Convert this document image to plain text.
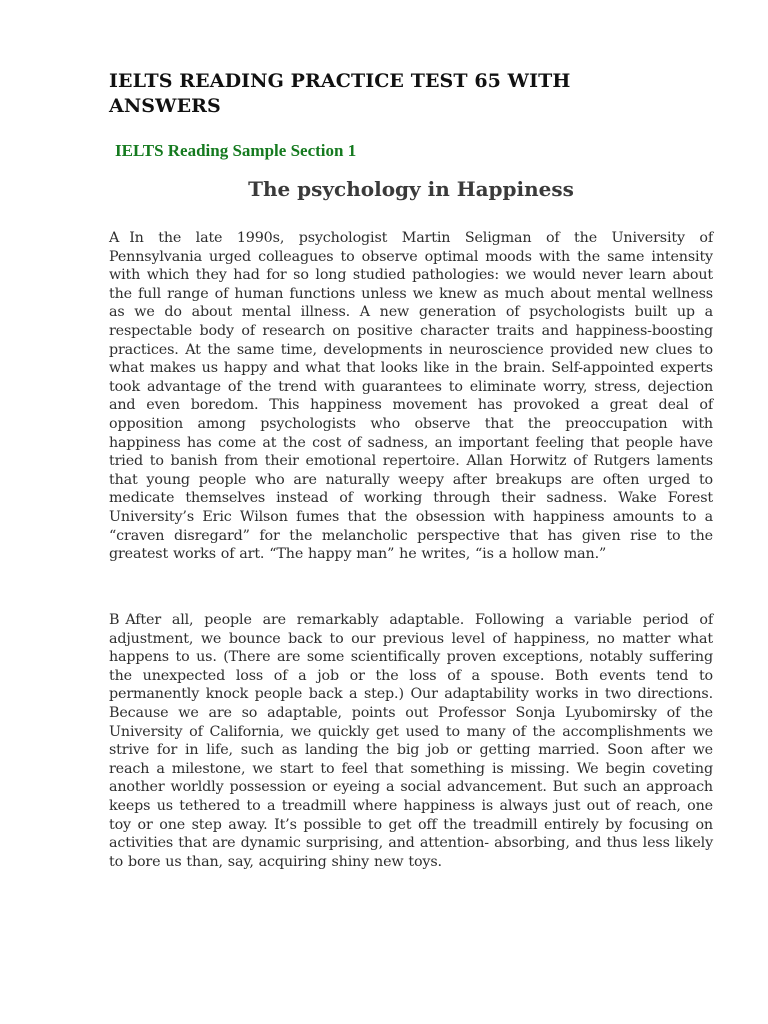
IELTS READING PRACTICE TEST 65 WITH ANSWERS

IELTS Reading Sample Section 1

The psychology in Happiness

A In the late 1990s, psychologist Martin Seligman of the University of Pennsylvania urged colleagues to observe optimal moods with the same intensity with which they had for so long studied pathologies: we would never learn about the full range of human functions unless we knew as much about mental wellness as we do about mental illness. A new generation of psychologists built up a respectable body of research on positive character traits and happiness-boosting practices. At the same time, developments in neuroscience provided new clues to what makes us happy and what that looks like in the brain. Self-appointed experts took advantage of the trend with guarantees to eliminate worry, stress, dejection and even boredom. This happiness movement has provoked a great deal of opposition among psychologists who observe that the preoccupation with happiness has come at the cost of sadness, an important feeling that people have tried to banish from their emotional repertoire. Allan Horwitz of Rutgers laments that young people who are naturally weepy after breakups are often urged to medicate themselves instead of working through their sadness. Wake Forest University’s Eric Wilson fumes that the obsession with happiness amounts to a “craven disregard” for the melancholic perspective that has given rise to the greatest works of art. “The happy man” he writes, “is a hollow man.”

B After all, people are remarkably adaptable. Following a variable period of adjustment, we bounce back to our previous level of happiness, no matter what happens to us. (There are some scientifically proven exceptions, notably suffering the unexpected loss of a job or the loss of a spouse. Both events tend to permanently knock people back a step.) Our adaptability works in two directions. Because we are so adaptable, points out Professor Sonja Lyubomirsky of the University of California, we quickly get used to many of the accomplishments we strive for in life, such as landing the big job or getting married. Soon after we reach a milestone, we start to feel that something is missing. We begin coveting another worldly possession or eyeing a social advancement. But such an approach keeps us tethered to a treadmill where happiness is always just out of reach, one toy or one step away. It’s possible to get off the treadmill entirely by focusing on activities that are dynamic surprising, and attention- absorbing, and thus less likely to bore us than, say, acquiring shiny new toys.
